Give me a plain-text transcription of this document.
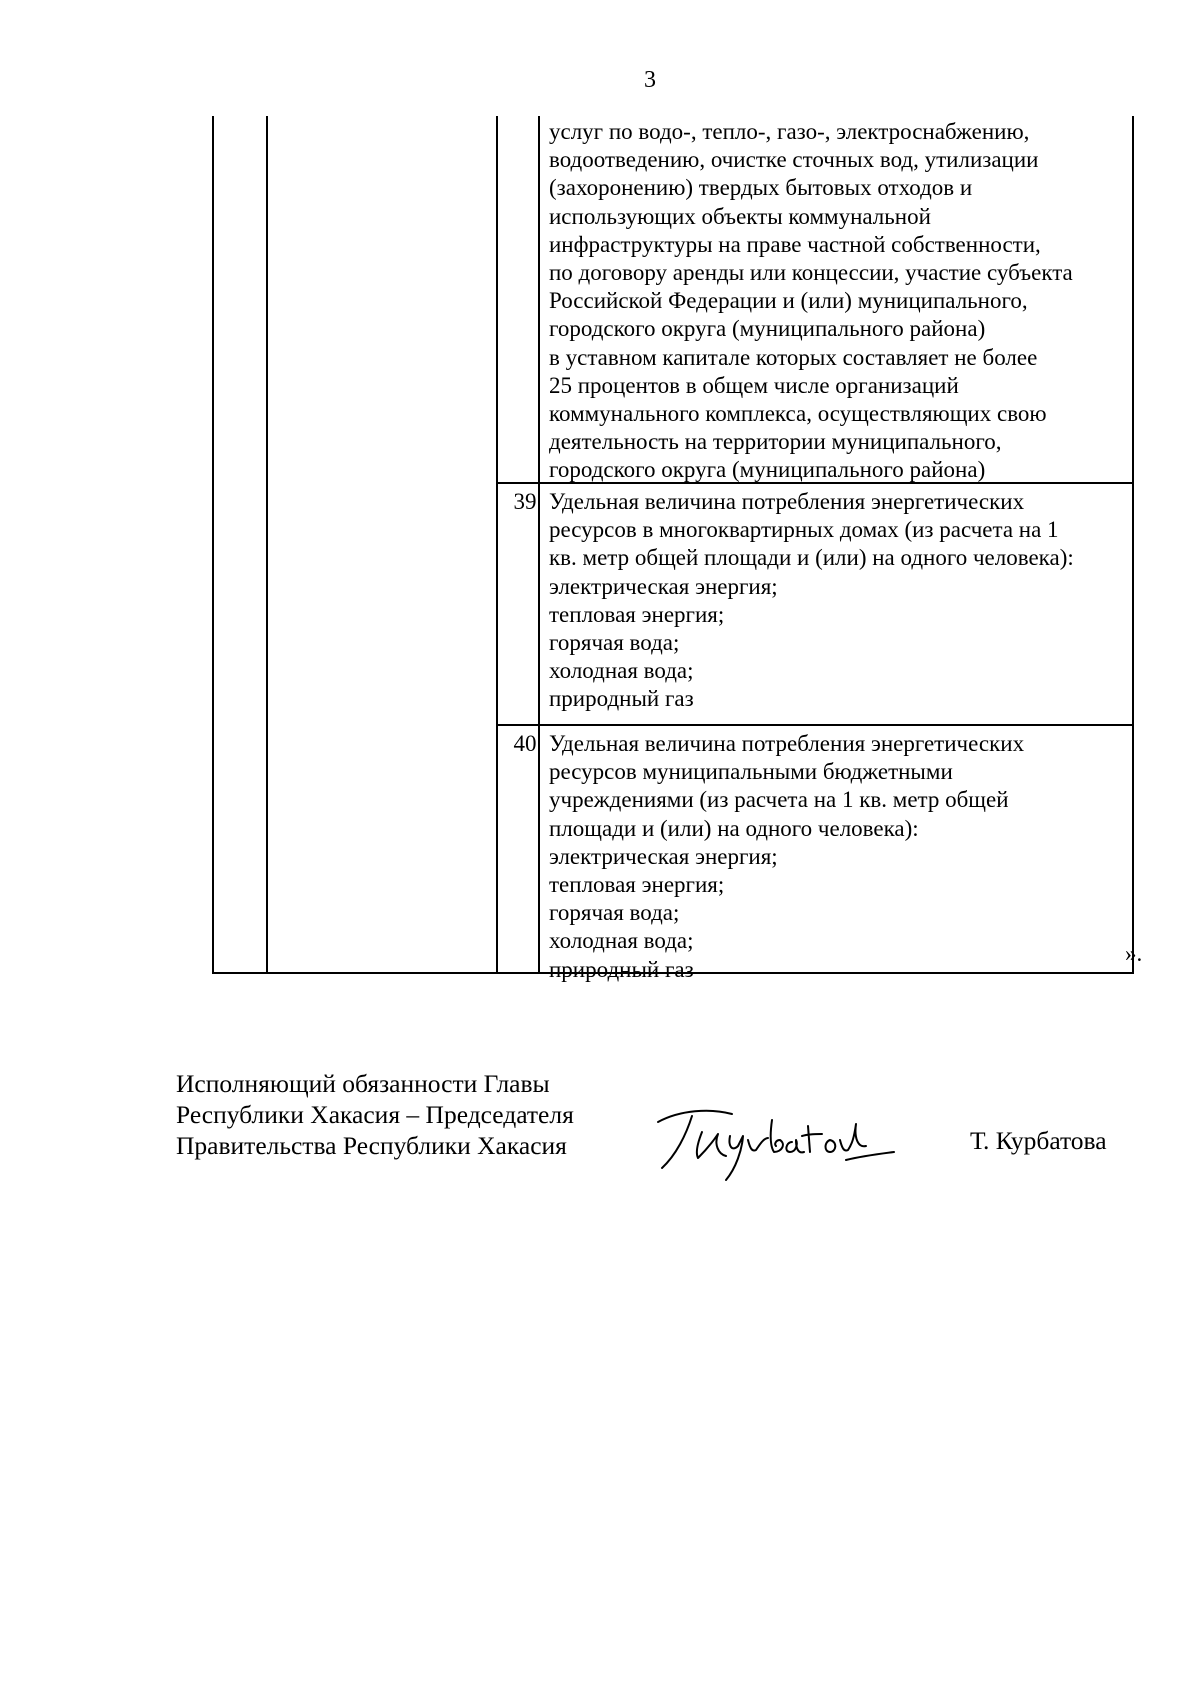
3
услуг по водо-, тепло-, газо-, электроснабжению,
водоотведению, очистке сточных вод, утилизации
(захоронению) твердых бытовых отходов и
использующих объекты коммунальной
инфраструктуры на праве частной собственности,
по договору аренды или концессии, участие субъекта
Российской Федерации и (или) муниципального,
городского округа (муниципального района)
в уставном капитале которых составляет не более
25 процентов в общем числе организаций
коммунального комплекса, осуществляющих свою
деятельность на территории муниципального,
городского округа (муниципального района)
39 Удельная величина потребления энергетических
ресурсов в многоквартирных домах (из расчета на 1
кв. метр общей площади и (или) на одного человека):
электрическая энергия;
тепловая энергия;
горячая вода;
холодная вода;
природный газ
40 Удельная величина потребления энергетических
ресурсов муниципальными бюджетными
учреждениями (из расчета на 1 кв. метр общей
площади и (или) на одного человека):
электрическая энергия;
тепловая энергия;
горячая вода;
холодная вода;
природный газ
».
Исполняющий обязанности Главы
Республики Хакасия – Председателя
Правительства Республики Хакасия	Т. Курбатова
